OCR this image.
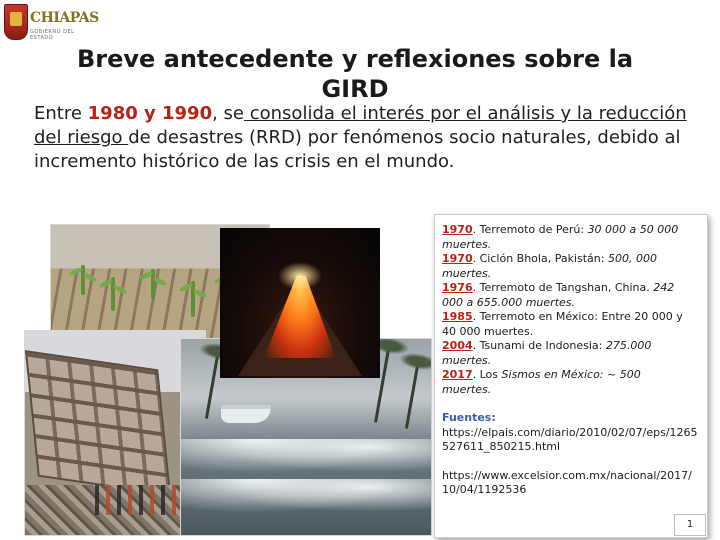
CHIAPAS
GOBIERNO DEL ESTADO
Breve antecedente y reflexiones sobre la GIRD

Entre 1980 y 1990, se consolida el interés por el análisis y la reducción del riesgo de desastres (RRD) por fenómenos socio naturales, debido al incremento histórico de las crisis en el mundo.

1970. Terremoto de Perú: 30 000 a 50 000 muertes.

1970. Ciclón Bhola, Pakistán: 500, 000 muertes.

1976. Terremoto de Tangshan, China. 242 000 a 655.000 muertes.

1985. Terremoto en México: Entre 20 000 y 40 000 muertes.

2004. Tsunami de Indonesia: 275.000 muertes.

2017. Los Sismos en México: ~ 500 muertes.

Fuentes:

https://elpais.com/diario/2010/02/07/eps/1265527611_850215.html

https://www.excelsior.com.mx/nacional/2017/10/04/1192536

1
